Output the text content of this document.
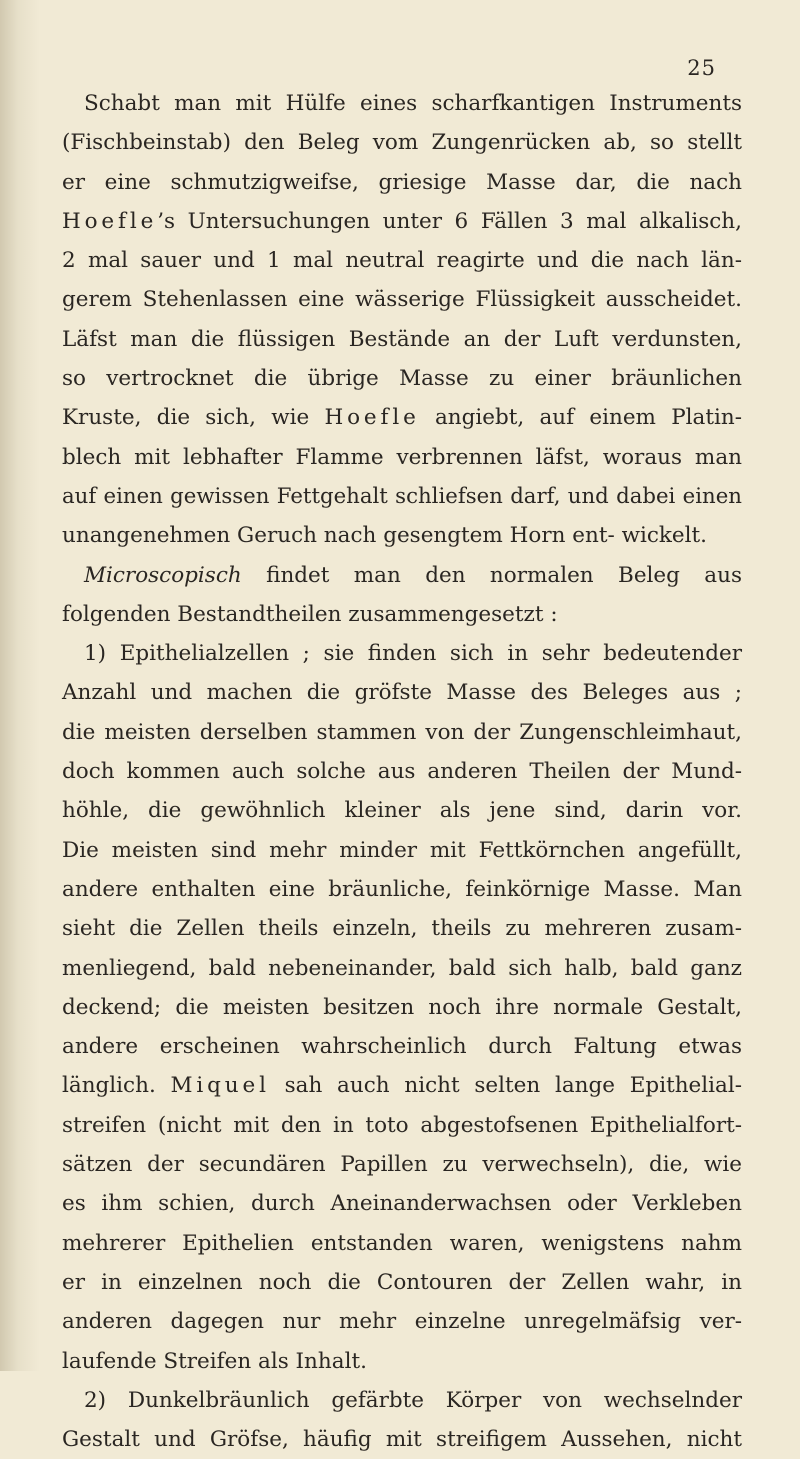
25
Schabt man mit Hülfe eines scharfkantigen Instruments
(Fischbeinstab) den Beleg vom Zungenrücken ab, so stellt
er eine schmutzigweifse, griesige Masse dar, die nach
Hoefle’s Untersuchungen unter 6 Fällen 3 mal alkalisch,
2 mal sauer und 1 mal neutral reagirte und die nach län-
gerem Stehenlassen eine wässerige Flüssigkeit ausscheidet.
Läfst man die flüssigen Bestände an der Luft verdunsten,
so vertrocknet die übrige Masse zu einer bräunlichen
Kruste, die sich, wie Hoefle angiebt, auf einem Platin-
blech mit lebhafter Flamme verbrennen läfst, woraus man
auf einen gewissen Fettgehalt schliefsen darf, und dabei einen
unangenehmen Geruch nach gesengtem Horn ent- wickelt.
Microscopisch findet man den normalen Beleg aus
folgenden Bestandtheilen zusammengesetzt :
1) Epithelialzellen ; sie finden sich in sehr bedeutender
Anzahl und machen die gröfste Masse des Beleges aus ;
die meisten derselben stammen von der Zungenschleimhaut,
doch kommen auch solche aus anderen Theilen der Mund-
höhle, die gewöhnlich kleiner als jene sind, darin vor.
Die meisten sind mehr minder mit Fettkörnchen angefüllt,
andere enthalten eine bräunliche, feinkörnige Masse. Man
sieht die Zellen theils einzeln, theils zu mehreren zusam-
menliegend, bald nebeneinander, bald sich halb, bald ganz
deckend; die meisten besitzen noch ihre normale Gestalt,
andere erscheinen wahrscheinlich durch Faltung etwas
länglich. Miquel sah auch nicht selten lange Epithelial-
streifen (nicht mit den in toto abgestofsenen Epithelialfort-
sätzen der secundären Papillen zu verwechseln), die, wie
es ihm schien, durch Aneinanderwachsen oder Verkleben
mehrerer Epithelien entstanden waren, wenigstens nahm
er in einzelnen noch die Contouren der Zellen wahr, in
anderen dagegen nur mehr einzelne unregelmäfsig ver-
laufende Streifen als Inhalt.
2) Dunkelbräunlich gefärbte Körper von wechselnder
Gestalt und Gröfse, häufig mit streifigem Aussehen, nicht
